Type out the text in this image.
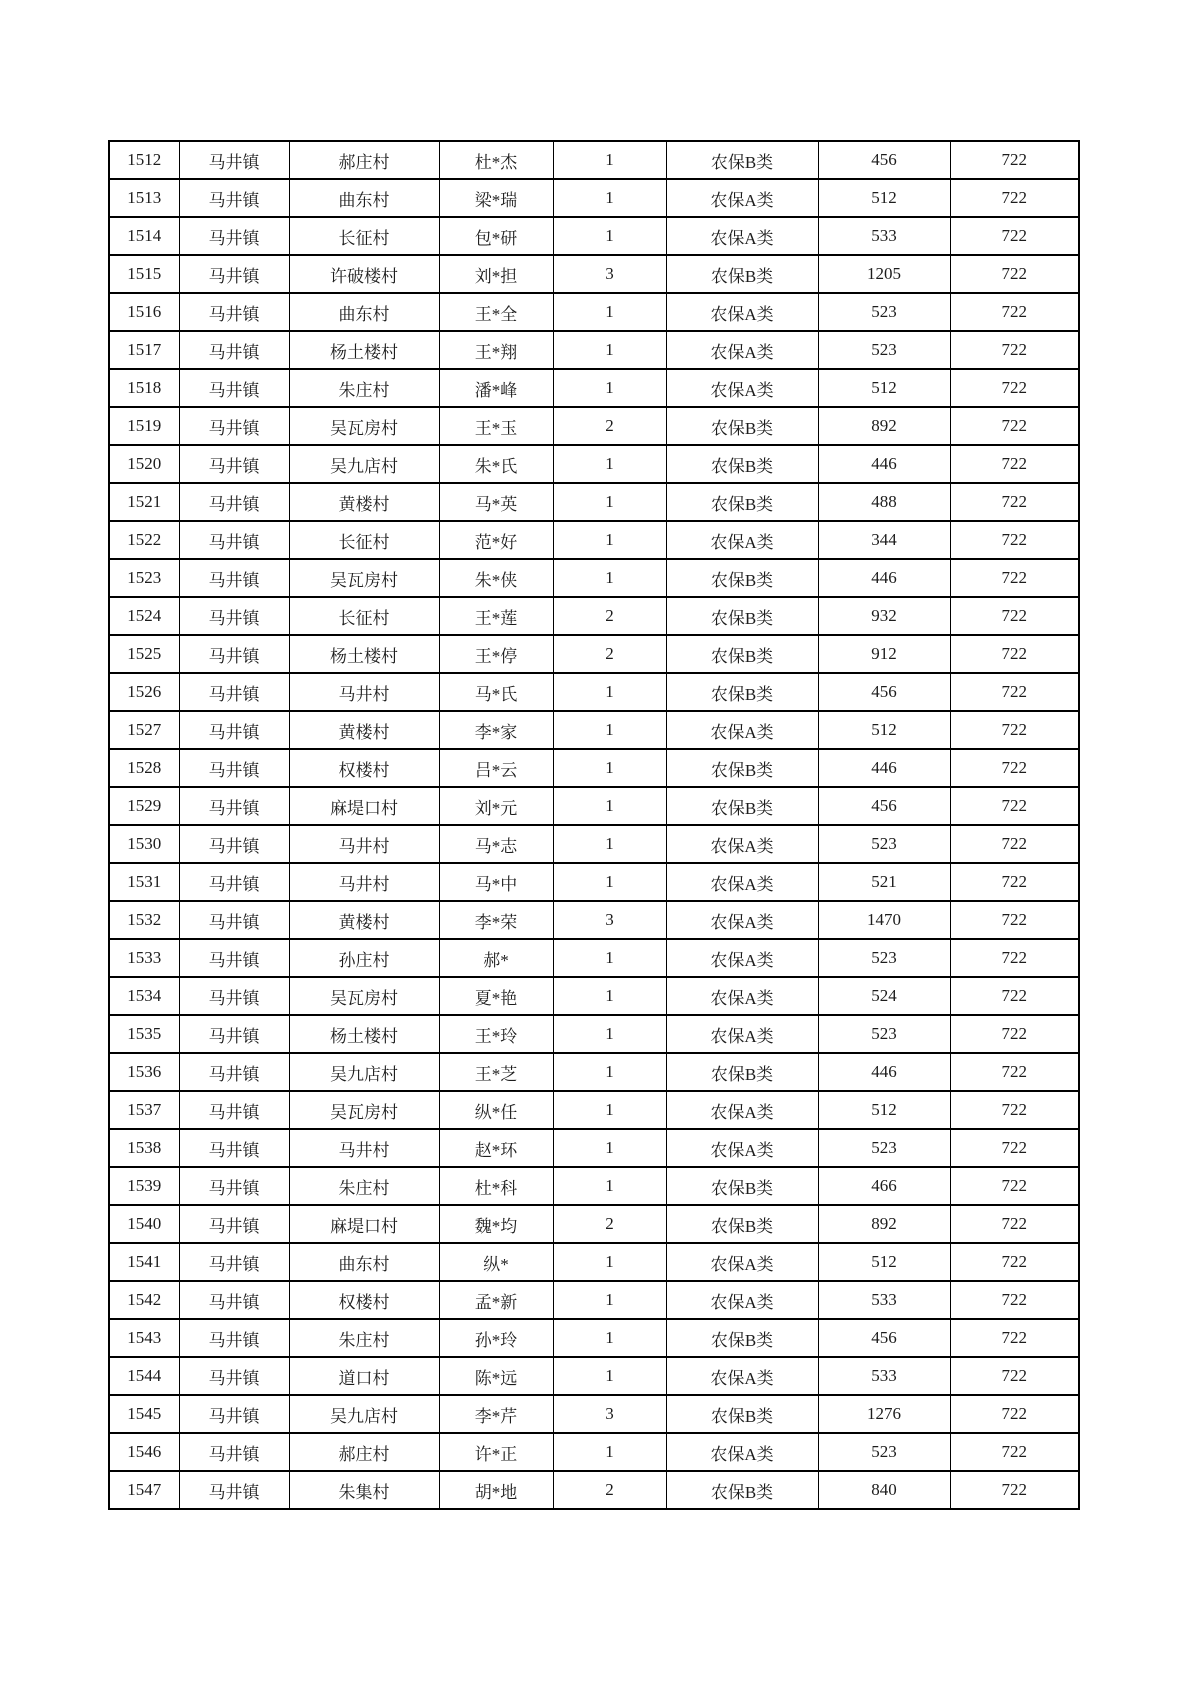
1512	马井镇	郝庄村	杜*杰	1	农保B类	456	722
1513	马井镇	曲东村	梁*瑞	1	农保A类	512	722
1514	马井镇	长征村	包*研	1	农保A类	533	722
1515	马井镇	许破楼村	刘*担	3	农保B类	1205	722
1516	马井镇	曲东村	王*全	1	农保A类	523	722
1517	马井镇	杨土楼村	王*翔	1	农保A类	523	722
1518	马井镇	朱庄村	潘*峰	1	农保A类	512	722
1519	马井镇	吴瓦房村	王*玉	2	农保B类	892	722
1520	马井镇	吴九店村	朱*氏	1	农保B类	446	722
1521	马井镇	黄楼村	马*英	1	农保B类	488	722
1522	马井镇	长征村	范*好	1	农保A类	344	722
1523	马井镇	吴瓦房村	朱*侠	1	农保B类	446	722
1524	马井镇	长征村	王*莲	2	农保B类	932	722
1525	马井镇	杨土楼村	王*停	2	农保B类	912	722
1526	马井镇	马井村	马*氏	1	农保B类	456	722
1527	马井镇	黄楼村	李*家	1	农保A类	512	722
1528	马井镇	权楼村	吕*云	1	农保B类	446	722
1529	马井镇	麻堤口村	刘*元	1	农保B类	456	722
1530	马井镇	马井村	马*志	1	农保A类	523	722
1531	马井镇	马井村	马*中	1	农保A类	521	722
1532	马井镇	黄楼村	李*荣	3	农保A类	1470	722
1533	马井镇	孙庄村	郝*	1	农保A类	523	722
1534	马井镇	吴瓦房村	夏*艳	1	农保A类	524	722
1535	马井镇	杨土楼村	王*玲	1	农保A类	523	722
1536	马井镇	吴九店村	王*芝	1	农保B类	446	722
1537	马井镇	吴瓦房村	纵*任	1	农保A类	512	722
1538	马井镇	马井村	赵*环	1	农保A类	523	722
1539	马井镇	朱庄村	杜*科	1	农保B类	466	722
1540	马井镇	麻堤口村	魏*均	2	农保B类	892	722
1541	马井镇	曲东村	纵*	1	农保A类	512	722
1542	马井镇	权楼村	孟*新	1	农保A类	533	722
1543	马井镇	朱庄村	孙*玲	1	农保B类	456	722
1544	马井镇	道口村	陈*远	1	农保A类	533	722
1545	马井镇	吴九店村	李*芹	3	农保B类	1276	722
1546	马井镇	郝庄村	许*正	1	农保A类	523	722
1547	马井镇	朱集村	胡*地	2	农保B类	840	722
